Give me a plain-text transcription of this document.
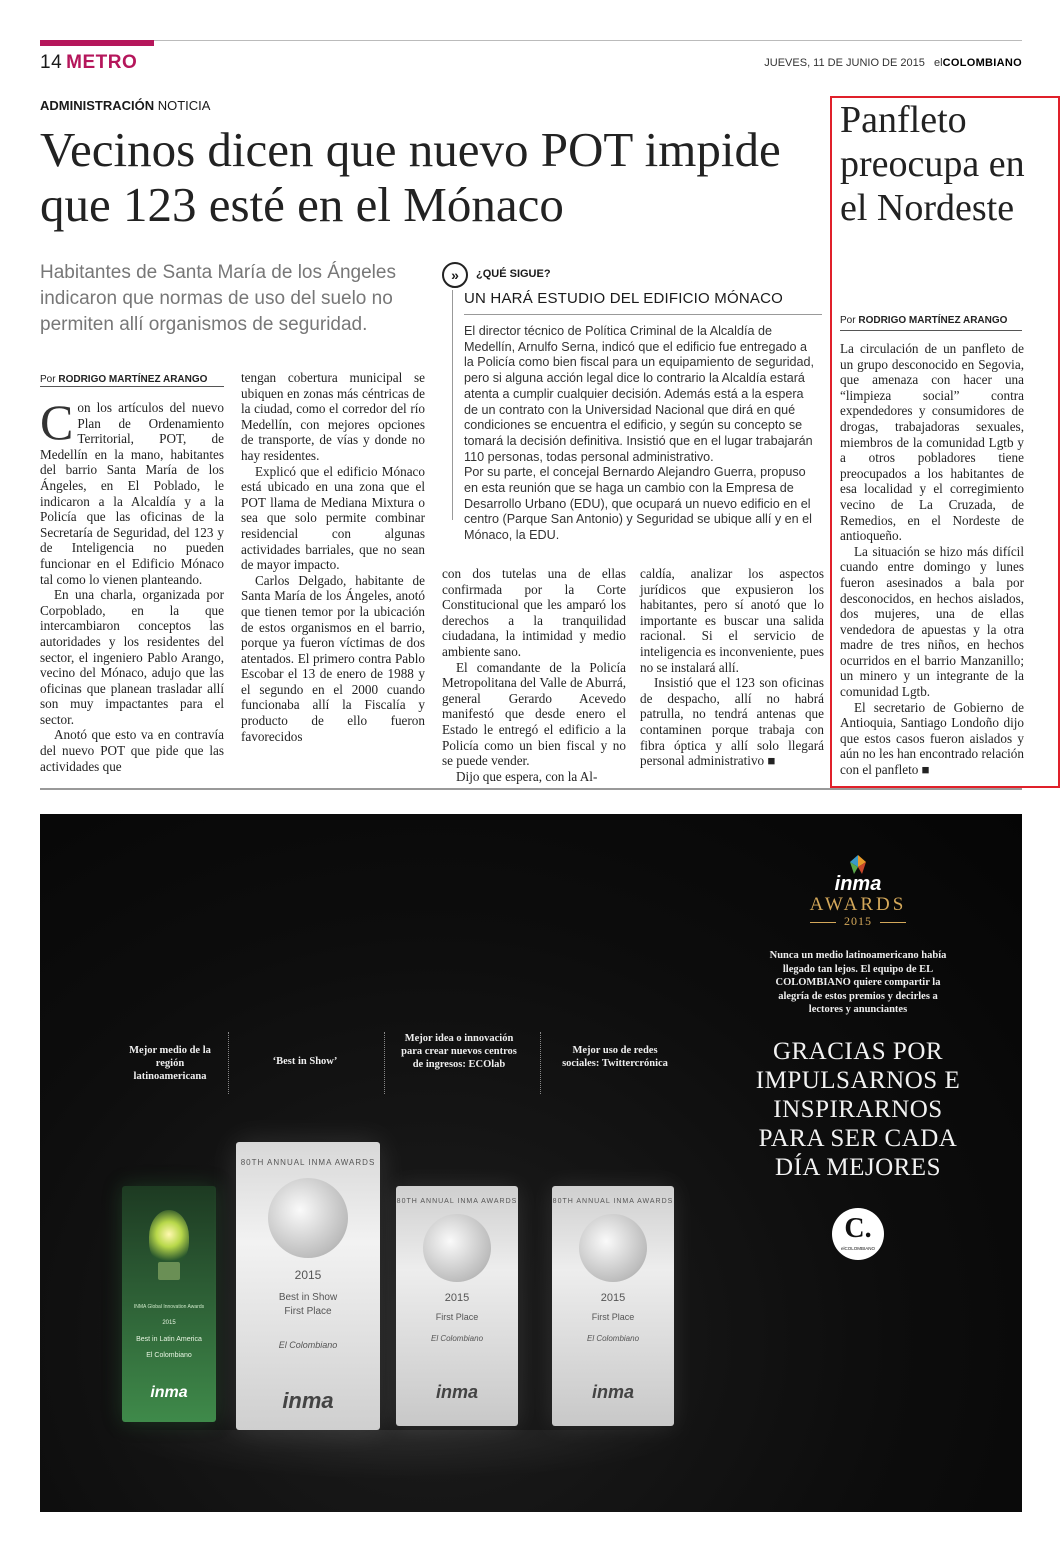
14 METRO	JUEVES, 11 DE JUNIO DE 2015 elCOLOMBIANO
ADMINISTRACIÓN NOTICIA
Vecinos dicen que nuevo POT impide que 123 esté en el Mónaco
Habitantes de Santa María de los Ángeles indicaron que normas de uso del suelo no permiten allí organismos de seguridad.
Por RODRIGO MARTÍNEZ ARANGO

Con los artículos del nuevo Plan de Ordenamiento Territorial, POT, de Medellín en la mano, habitantes del barrio Santa María de los Ángeles, en El Poblado, le indicaron a la Alcaldía y a la Policía que las oficinas de la Secretaría de Seguridad, del 123 y de Inteligencia no pueden funcionar en el Edificio Mónaco tal como lo vienen planteando.

En una charla, organizada por Corpoblado, en la que intercambiaron conceptos las autoridades y los residentes del sector, el ingeniero Pablo Arango, vecino del Mónaco, adujo que las oficinas que planean trasladar allí son muy impactantes para el sector.

Anotó que esto va en contravía del nuevo POT que pide que las actividades que

tengan cobertura municipal se ubiquen en zonas más céntricas de la ciudad, como el corredor del río Medellín, con mejores opciones de transporte, de vías y donde no hay residentes.

Explicó que el edificio Mónaco está ubicado en una zona que el POT llama de Mediana Mixtura o sea que solo permite combinar residencial con algunas actividades barriales, que no sean de mayor impacto.

Carlos Delgado, habitante de Santa María de los Ángeles, anotó que tienen temor por la ubicación de estos organismos en el barrio, porque ya fueron víctimas de dos atentados. El primero contra Pablo Escobar el 13 de enero de 1988 y el segundo en el 2000 cuando funcionaba allí la Fiscalía y producto de ello fueron favorecidos

con dos tutelas una de ellas confirmada por la Corte Constitucional que les amparó los derechos a la tranquilidad ciudadana, la intimidad y medio ambiente sano.

El comandante de la Policía Metropolitana del Valle de Aburrá, general Gerardo Acevedo manifestó que desde enero el Estado le entregó el edificio a la Policía como un bien fiscal y no se puede vender.

Dijo que espera, con la Al-

caldía, analizar los aspectos jurídicos que expusieron los habitantes, pero sí anotó que lo importante es buscar una salida racional. Si el servicio de inteligencia es inconveniente, pues no se instalará allí.

Insistió que el 123 son oficinas de despacho, allí no habrá patrulla, no tendrá antenas que contaminen porque trabaja con fibra óptica y allí solo llegará personal administrativo ■

»	¿QUÉ SIGUE?
UN HARÁ ESTUDIO DEL EDIFICIO MÓNACO

El director técnico de Política Criminal de la Alcaldía de Medellín, Arnulfo Serna, indicó que el edificio fue entregado a la Policía como bien fiscal para un equipamiento de seguridad, pero si alguna acción legal dice lo contrario la Alcaldía estará atenta a cumplir cualquier decisión. Además está a la espera de un contrato con la Universidad Nacional que dirá en qué condiciones se encuentra el edificio, y según su concepto se tomará la decisión definitiva. Insistió que en el lugar trabajarán 110 personas, todas personal administrativo.

Por su parte, el concejal Bernardo Alejandro Guerra, propuso en esta reunión que se haga un cambio con la Empresa de Desarrollo Urbano (EDU), que ocupará un nuevo edificio en el centro (Parque San Antonio) y Seguridad se ubique allí y en el Mónaco, la EDU.

Panfleto preocupa en el Nordeste
Por RODRIGO MARTÍNEZ ARANGO

La circulación de un panfleto de un grupo desconocido en Segovia, que amenaza con hacer una “limpieza social” contra expendedores y consumidores de drogas, trabajadoras sexuales, miembros de la comunidad Lgtb y a otros pobladores tiene preocupados a los habitantes de esa localidad y el corregimiento vecino de La Cruzada, de Remedios, en el Nordeste de antioqueño.

La situación se hizo más difícil cuando entre domingo y lunes fueron asesinados a bala por desconocidos, en hechos aislados, dos mujeres, una de ellas vendedora de apuestas y la otra madre de tres niños, en hechos ocurridos en el barrio Manzanillo; un minero y un integrante de la comunidad Lgtb.

El secretario de Gobierno de Antioquia, Santiago Londoño dijo que estos casos fueron aislados y aún no les han encontrado relación con el panfleto ■

inma
AWARDS
2015
Nunca un medio latinoamericano había llegado tan lejos. El equipo de EL COLOMBIANO quiere compartir la alegría de estos premios y decirles a lectores y anunciantes
GRACIAS POR IMPULSARNOS E INSPIRARNOS PARA SER CADA DÍA MEJORES
C.
elCOLOMBIANO
Mejor medio de la región latinoamericana
‘Best in Show’
Mejor idea o innovación para crear nuevos centros de ingresos: ECOlab
Mejor uso de redes sociales: Twittercrónica
INMA Global Innovation Awards
2015
Best in Latin America
El Colombiano
inma
80TH ANNUAL INMA AWARDS
2015
Best in Show
First Place
El Colombiano
inma
80TH ANNUAL INMA AWARDS
2015
First Place
El Colombiano
inma
80TH ANNUAL INMA AWARDS
2015
First Place
El Colombiano
inma
